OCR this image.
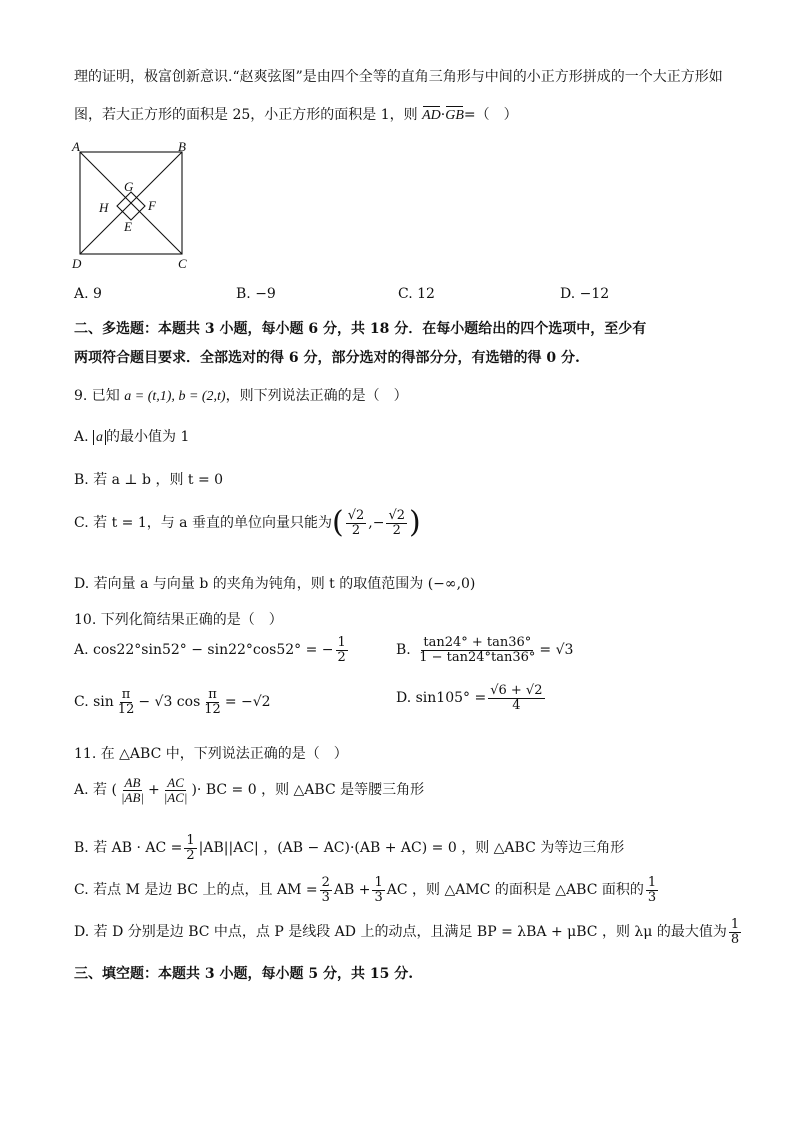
理的证明，极富创新意识.“赵爽弦图”是由四个全等的直角三角形与中间的小正方形拼成的一个大正方形如
图，若大正方形的面积是 25，小正方形的面积是 1，则 AD·GB=（　）
A	B
C
D
G
F
H
E
A. 9	B. −9	C. 12	D. −12
二、多选题：本题共 3 小题，每小题 6 分，共 18 分．在每小题给出的四个选项中，至少有
两项符合题目要求．全部选对的得 6 分，部分选对的得部分分，有选错的得 0 分.
9. 已知 a = (t,1), b = (2,t)，则下列说法正确的是（　）
A. a 的最小值为 1
B. 若 a ⊥ b ，则 t = 0
C. 若 t = 1，与 a 垂直的单位向量只能为( $\frac{√2}{2}$ ,− $\frac{√2}{2}$ )
D. 若向量 a 与向量 b 的夹角为钝角，则 t 的取值范围为 (−∞,0)
10. 下列化简结果正确的是（　）
A. cos22°sin52° − sin22°cos52° = − $\frac{1}{2}$	B. $\frac{\tan 24^\circ + \tan 36^\circ}{1 - \tan 24^\circ\tan 36^\circ} = √3$
C. $\sin \frac{\pi}{12} - √3$ $\cos \frac{\pi}{12} = -√2$	D. $\sin 105^\circ = \frac{√6 + √2}{4}$
11. 在 △ABC 中，下列说法正确的是（　）
A. 若 ( $\frac{AB}{|AB|} + \frac{AC}{|AC|}$ )· BC = 0 ，则 △ABC 是等腰三角形
B. 若 AB · AC = $\frac{1}{2} |AB||AC|$ ，(AB − AC)·(AB + AC) = 0 ，则 △ABC 为等边三角形
C. 若点 M 是边 BC 上的点，且 AM = $\frac{2}{3}$ AB + $\frac{1}{3}$ AC ，则 △AMC 的面积是 △ABC 面积的 $\frac{1}{3}$
D. 若 D 分别是边 BC 中点，点 P 是线段 AD 上的动点，且满足 BP = λBA + μBC ，则 λμ 的最大值为 $\frac{1}{8}$
三、填空题：本题共 3 小题，每小题 5 分，共 15 分.
